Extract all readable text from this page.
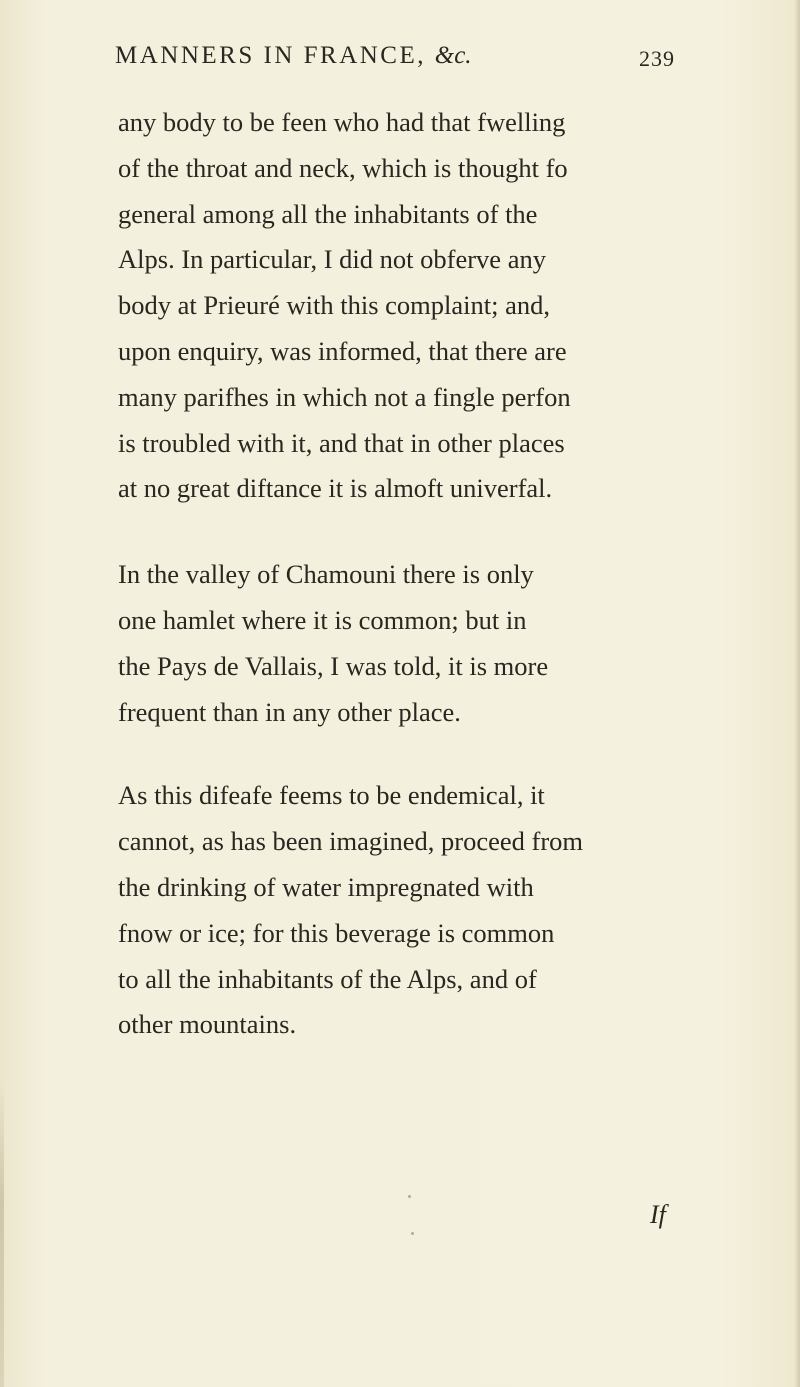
MANNERS IN FRANCE, &c.	239
any body to be feen who had that fwelling
of the throat and neck, which is thought fo
general among all the inhabitants of the
Alps. In particular, I did not obferve any
body at Prieuré with this complaint; and,
upon enquiry, was informed, that there are
many parifhes in which not a fingle perfon
is troubled with it, and that in other places
at no great diftance it is almoft univerfal.
In the valley of Chamouni there is only
one hamlet where it is common; but in
the Pays de Vallais, I was told, it is more
frequent than in any other place.
As this difeafe feems to be endemical, it
cannot, as has been imagined, proceed from
the drinking of water impregnated with
fnow or ice; for this beverage is common
to all the inhabitants of the Alps, and of
other mountains.
If
